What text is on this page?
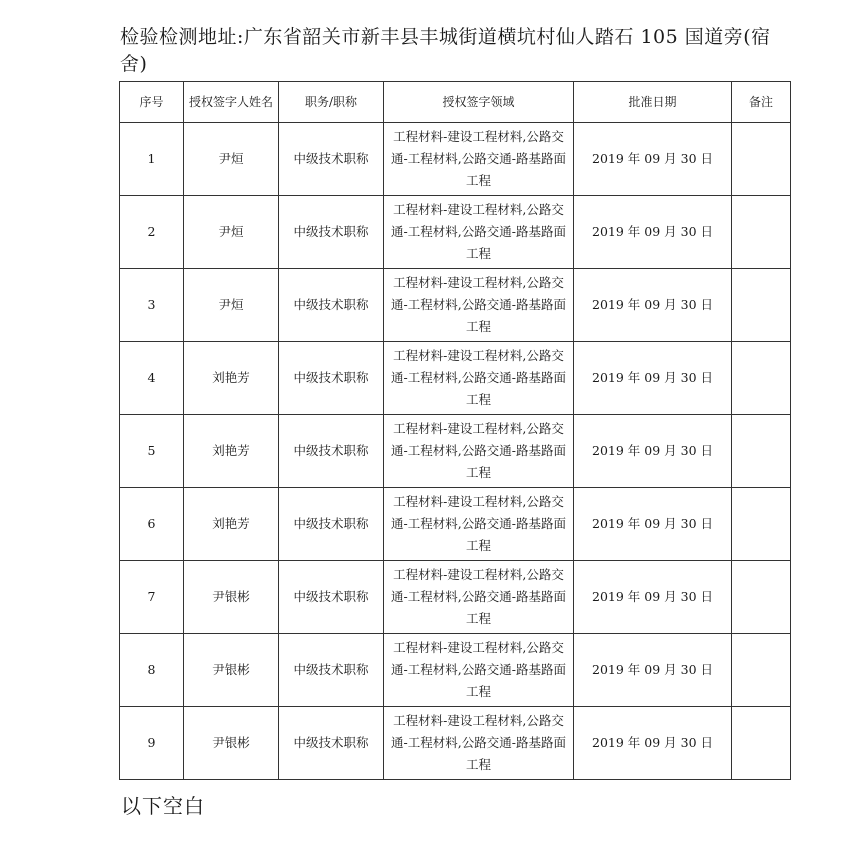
检验检测地址:广东省韶关市新丰县丰城街道横坑村仙人踏石 105 国道旁(宿舍)
序号	授权签字人姓名	职务/职称	授权签字领域	批准日期	备注
1	尹烜	中级技术职称	工程材料-建设工程材料,公路交通-工程材料,公路交通-路基路面工程	2019 年 09 月 30 日	
2	尹烜	中级技术职称	工程材料-建设工程材料,公路交通-工程材料,公路交通-路基路面工程	2019 年 09 月 30 日	
3	尹烜	中级技术职称	工程材料-建设工程材料,公路交通-工程材料,公路交通-路基路面工程	2019 年 09 月 30 日	
4	刘艳芳	中级技术职称	工程材料-建设工程材料,公路交通-工程材料,公路交通-路基路面工程	2019 年 09 月 30 日	
5	刘艳芳	中级技术职称	工程材料-建设工程材料,公路交通-工程材料,公路交通-路基路面工程	2019 年 09 月 30 日	
6	刘艳芳	中级技术职称	工程材料-建设工程材料,公路交通-工程材料,公路交通-路基路面工程	2019 年 09 月 30 日	
7	尹银彬	中级技术职称	工程材料-建设工程材料,公路交通-工程材料,公路交通-路基路面工程	2019 年 09 月 30 日	
8	尹银彬	中级技术职称	工程材料-建设工程材料,公路交通-工程材料,公路交通-路基路面工程	2019 年 09 月 30 日	
9	尹银彬	中级技术职称	工程材料-建设工程材料,公路交通-工程材料,公路交通-路基路面工程	2019 年 09 月 30 日	
以下空白
